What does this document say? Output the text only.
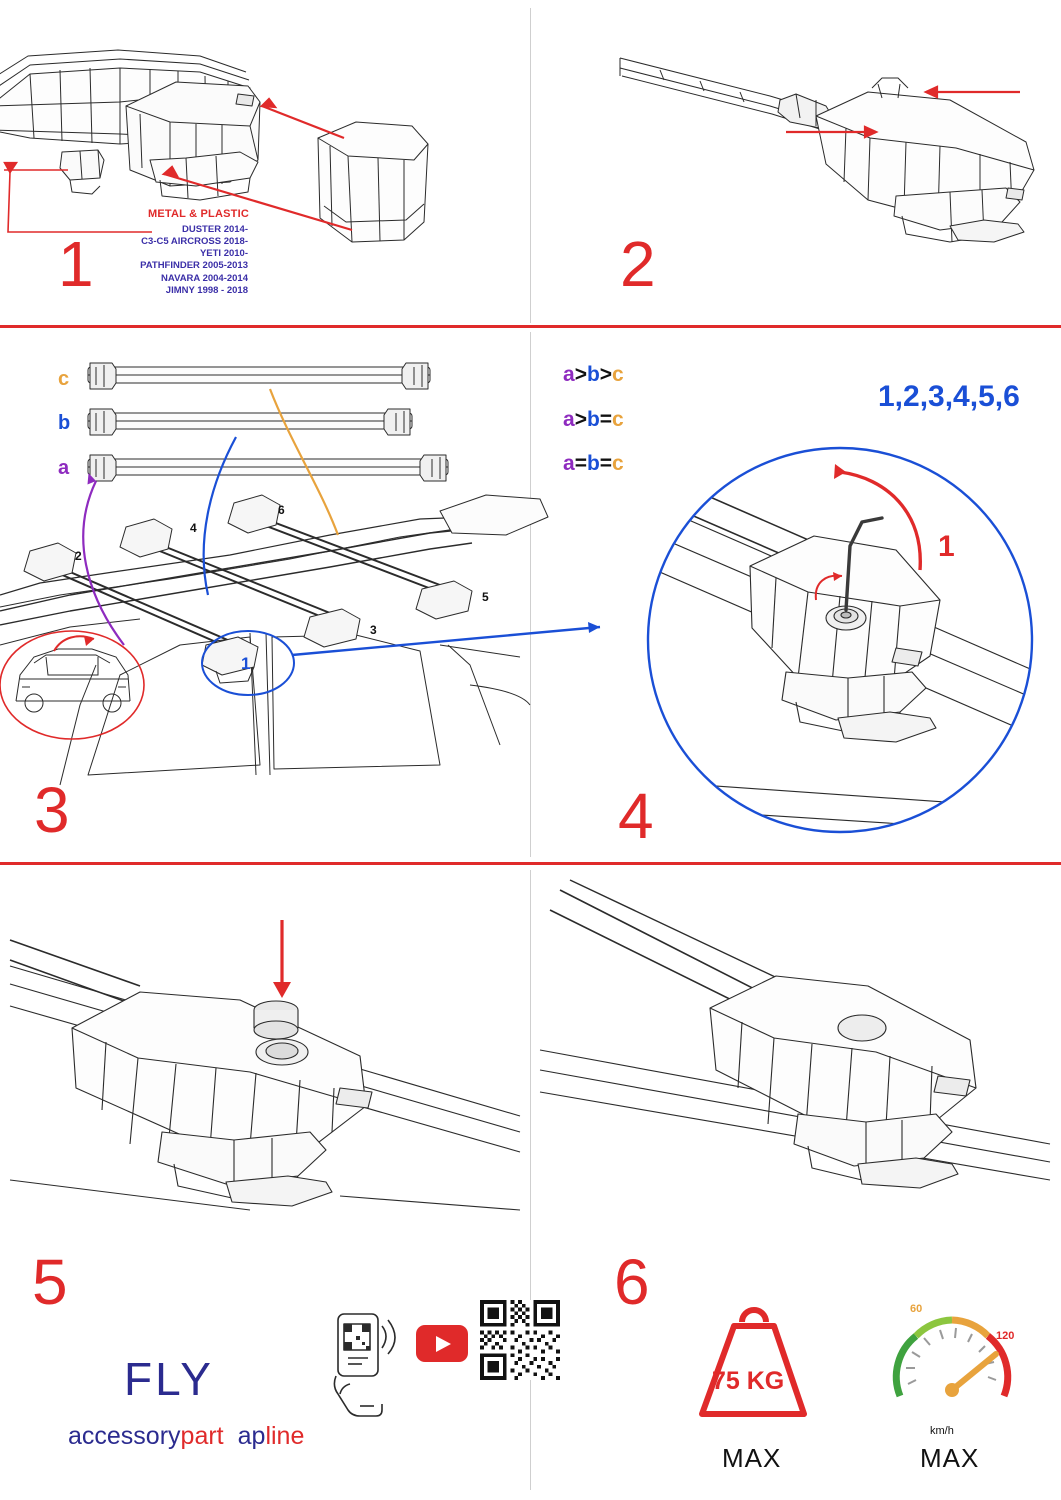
METAL & PLASTIC
DUSTER 2014-
C3-C5 AIRCROSS 2018-
YETI 2010-
PATHFINDER 2005-2013
NAVARA 2004-2014
JIMNY 1998 - 2018
1	2
c
b
a
a>b>c
a>b=c
a=b=c
2
4
6
3
5
1
3
1,2,3,4,5,6
1
4
5	6
FLY
accessorypart apline
75 KG
MAX
60
120
km/h
MAX
